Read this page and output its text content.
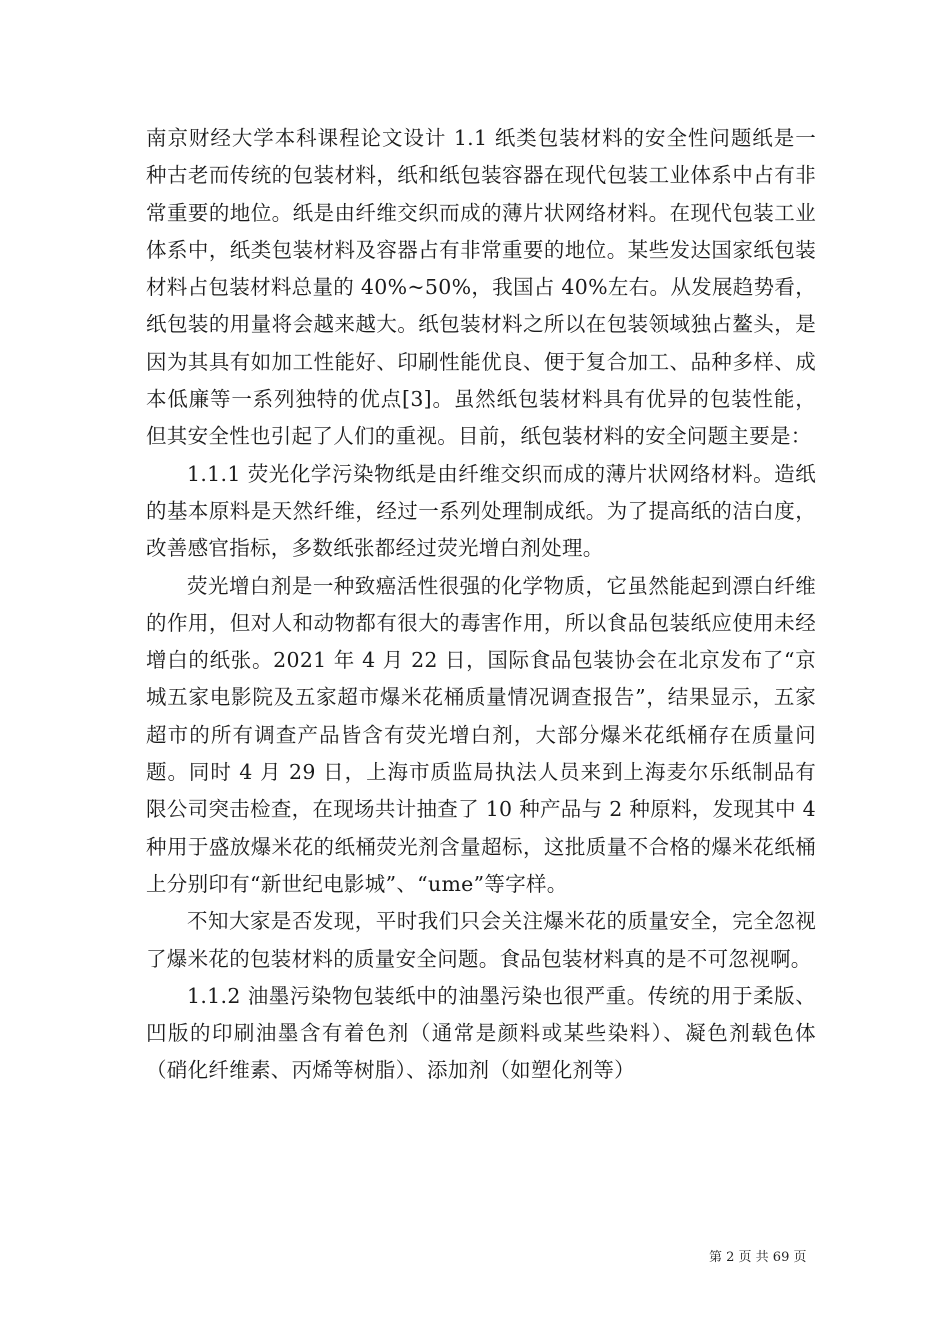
南京财经大学本科课程论文设计 1.1 纸类包装材料的安全性问题纸是一种古老而传统的包装材料，纸和纸包装容器在现代包装工业体系中占有非常重要的地位。纸是由纤维交织而成的薄片状网络材料。在现代包装工业体系中，纸类包装材料及容器占有非常重要的地位。某些发达国家纸包装材料占包装材料总量的 40%~50%，我国占 40%左右。从发展趋势看，纸包装的用量将会越来越大。纸包装材料之所以在包装领域独占鳌头，是因为其具有如加工性能好、印刷性能优良、便于复合加工、品种多样、成本低廉等一系列独特的优点[3]。虽然纸包装材料具有优异的包装性能，但其安全性也引起了人们的重视。目前，纸包装材料的安全问题主要是：

1.1.1 荧光化学污染物纸是由纤维交织而成的薄片状网络材料。造纸的基本原料是天然纤维，经过一系列处理制成纸。为了提高纸的洁白度，改善感官指标，多数纸张都经过荧光增白剂处理。

荧光增白剂是一种致癌活性很强的化学物质，它虽然能起到漂白纤维的作用，但对人和动物都有很大的毒害作用，所以食品包装纸应使用未经增白的纸张。2021 年 4 月 22 日，国际食品包装协会在北京发布了“京城五家电影院及五家超市爆米花桶质量情况调查报告”，结果显示，五家超市的所有调查产品皆含有荧光增白剂，大部分爆米花纸桶存在质量问题。同时 4 月 29 日，上海市质监局执法人员来到上海麦尔乐纸制品有限公司突击检查，在现场共计抽查了 10 种产品与 2 种原料，发现其中 4 种用于盛放爆米花的纸桶荧光剂含量超标，这批质量不合格的爆米花纸桶上分别印有“新世纪电影城”、“ume”等字样。

不知大家是否发现，平时我们只会关注爆米花的质量安全，完全忽视了爆米花的包装材料的质量安全问题。食品包装材料真的是不可忽视啊。

1.1.2 油墨污染物包装纸中的油墨污染也很严重。传统的用于柔版、凹版的印刷油墨含有着色剂（通常是颜料或某些染料）、凝色剂载色体（硝化纤维素、丙烯等树脂）、添加剂（如塑化剂等）

第 2 页 共 69 页
